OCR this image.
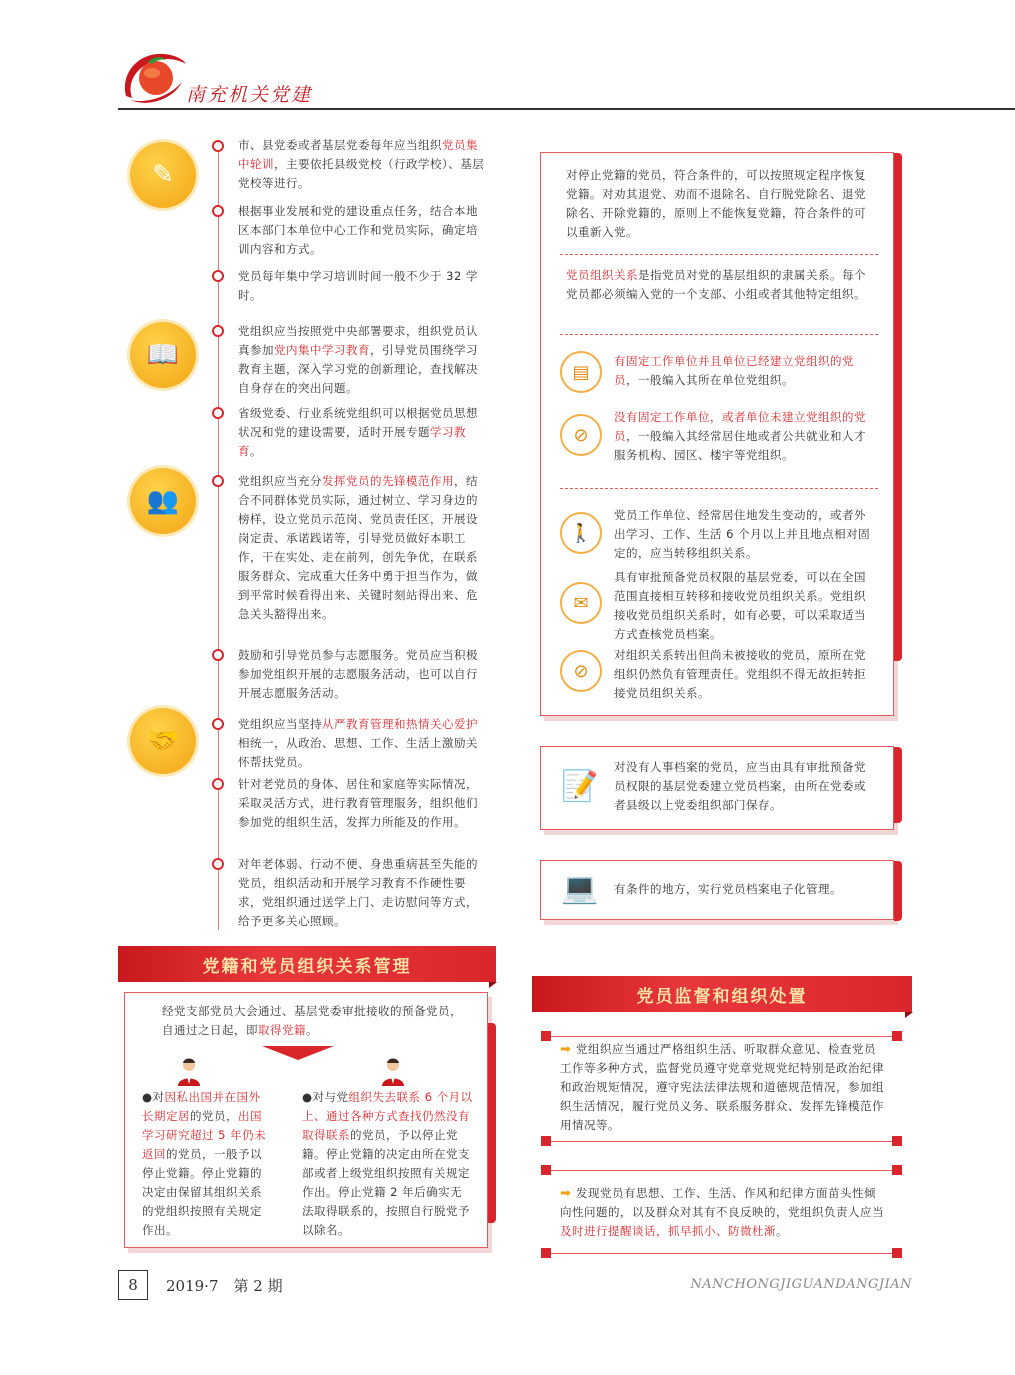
南充机关党建
✎
市、县党委或者基层党委每年应当组织党员集中轮训，主要依托县级党校（行政学校）、基层党校等进行。
根据事业发展和党的建设重点任务，结合本地区本部门本单位中心工作和党员实际，确定培训内容和方式。
党员每年集中学习培训时间一般不少于 32 学时。
📖
党组织应当按照党中央部署要求，组织党员认真参加党内集中学习教育，引导党员围绕学习教育主题，深入学习党的创新理论，查找解决自身存在的突出问题。
省级党委、行业系统党组织可以根据党员思想状况和党的建设需要，适时开展专题学习教育。
👥
党组织应当充分发挥党员的先锋模范作用，结合不同群体党员实际，通过树立、学习身边的榜样，设立党员示范岗、党员责任区，开展设岗定责、承诺践诺等，引导党员做好本职工作，干在实处、走在前列，创先争优，在联系服务群众、完成重大任务中勇于担当作为，做到平常时候看得出来、关键时刻站得出来、危急关头豁得出来。
鼓励和引导党员参与志愿服务。党员应当积极参加党组织开展的志愿服务活动，也可以自行开展志愿服务活动。
🤝
党组织应当坚持从严教育管理和热情关心爱护相统一，从政治、思想、工作、生活上激励关怀帮扶党员。
针对老党员的身体、居住和家庭等实际情况，采取灵活方式，进行教育管理服务，组织他们参加党的组织生活，发挥力所能及的作用。
对年老体弱、行动不便、身患重病甚至失能的党员，组织活动和开展学习教育不作硬性要求，党组织通过送学上门、走访慰问等方式，给予更多关心照顾。
党籍和党员组织关系管理
经党支部党员大会通过、基层党委审批接收的预备党员，自通过之日起，即取得党籍。
●对因私出国并在国外长期定居的党员，出国学习研究超过 5 年仍未返回的党员，一般予以停止党籍。停止党籍的决定由保留其组织关系的党组织按照有关规定作出。
●对与党组织失去联系 6 个月以上、通过各种方式查找仍然没有取得联系的党员，予以停止党籍。停止党籍的决定由所在党支部或者上级党组织按照有关规定作出。停止党籍 2 年后确实无法取得联系的，按照自行脱党予以除名。
对停止党籍的党员，符合条件的，可以按照规定程序恢复党籍。对劝其退党、劝而不退除名、自行脱党除名、退党除名、开除党籍的，原则上不能恢复党籍，符合条件的可以重新入党。
党员组织关系是指党员对党的基层组织的隶属关系。每个党员都必须编入党的一个支部、小组或者其他特定组织。
▤
有固定工作单位并且单位已经建立党组织的党员，一般编入其所在单位党组织。
⊘
没有固定工作单位，或者单位未建立党组织的党员，一般编入其经常居住地或者公共就业和人才服务机构、园区、楼宇等党组织。
🚶
党员工作单位、经常居住地发生变动的，或者外出学习、工作、生活 6 个月以上并且地点相对固定的，应当转移组织关系。
✉
具有审批预备党员权限的基层党委，可以在全国范围直接相互转移和接收党员组织关系。党组织接收党员组织关系时，如有必要，可以采取适当方式查核党员档案。
⊘
对组织关系转出但尚未被接收的党员，原所在党组织仍然负有管理责任。党组织不得无故拒转拒接党员组织关系。
📝
对没有人事档案的党员，应当由具有审批预备党员权限的基层党委建立党员档案，由所在党委或者县级以上党委组织部门保存。
💻 有条件的地方，实行党员档案电子化管理。
党员监督和组织处置
➡ 党组织应当通过严格组织生活、听取群众意见、检查党员工作等多种方式，监督党员遵守党章党规党纪特别是政治纪律和政治规矩情况，遵守宪法法律法规和道德规范情况，参加组织生活情况，履行党员义务、联系服务群众、发挥先锋模范作用情况等。
➡ 发现党员有思想、工作、生活、作风和纪律方面苗头性倾向性问题的，以及群众对其有不良反映的，党组织负责人应当及时进行提醒谈话，抓早抓小、防微杜渐。
8	2019·7　第 2 期	NANCHONGJIGUANDANGJIAN
